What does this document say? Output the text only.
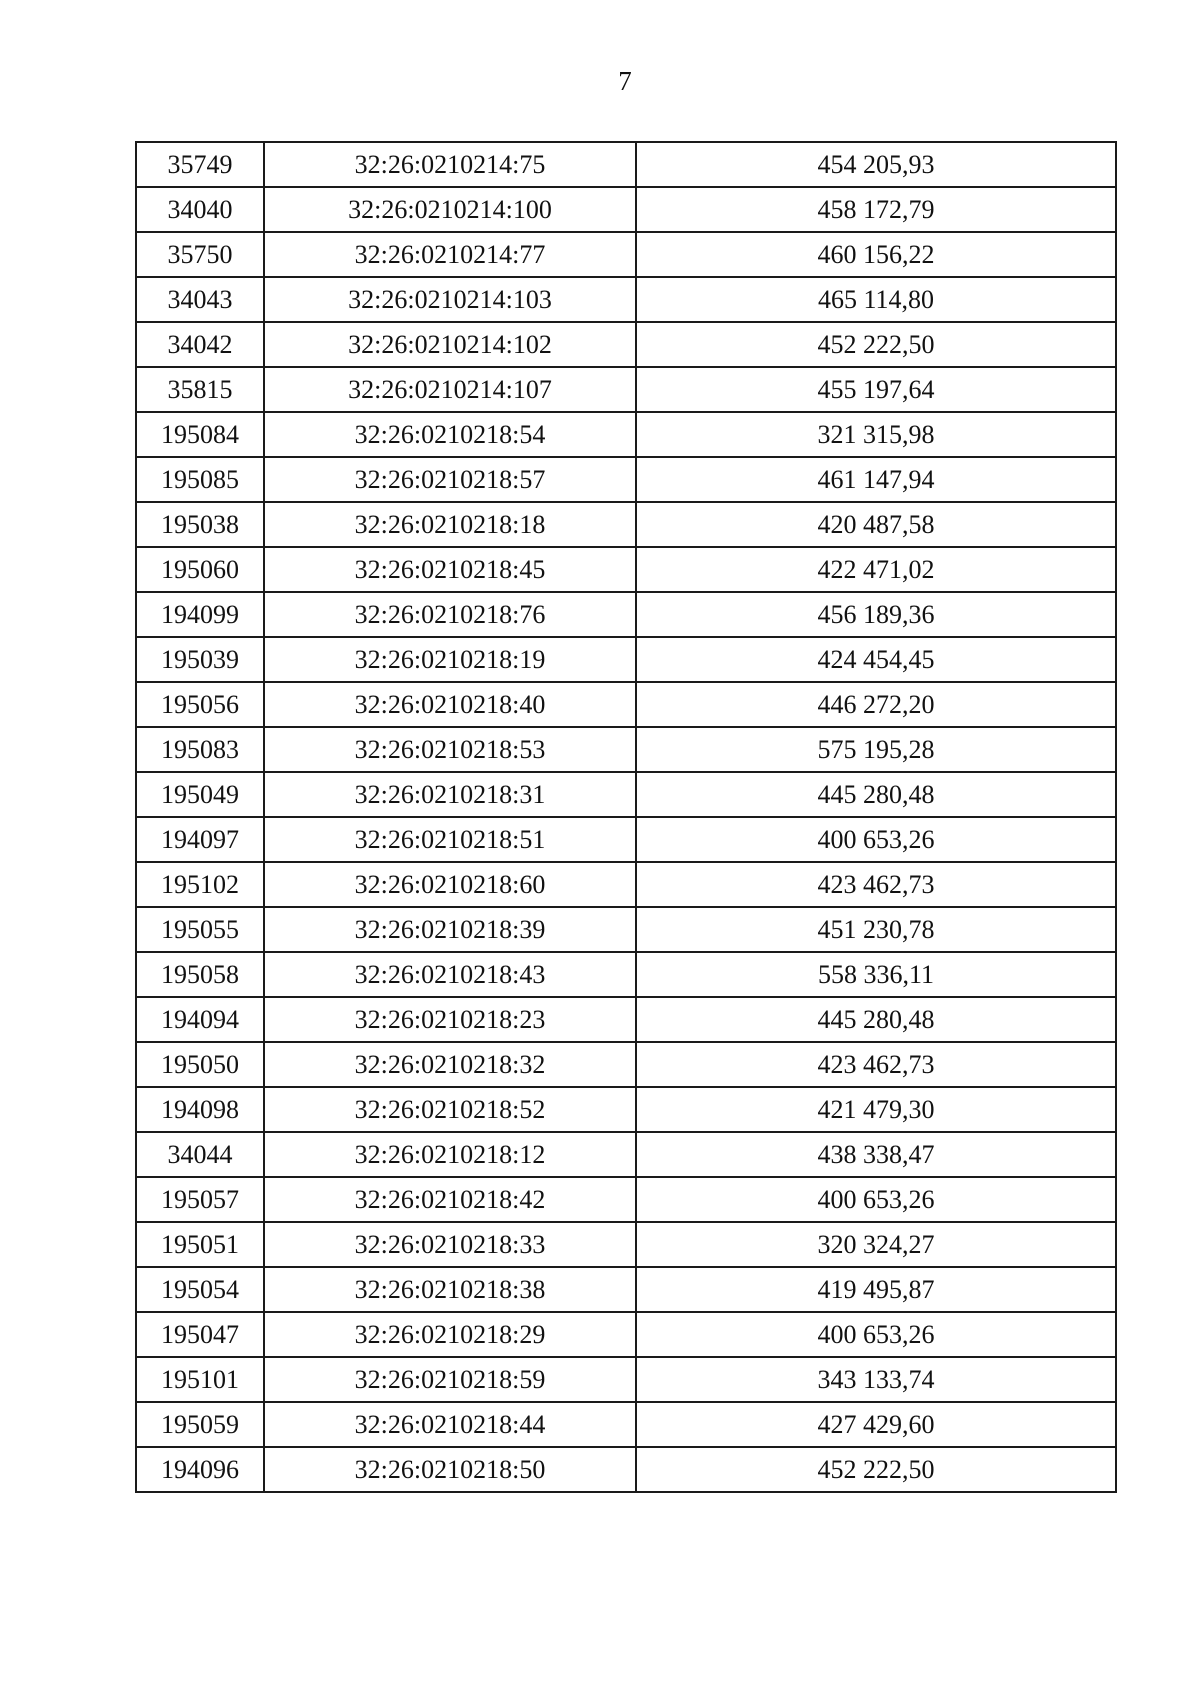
7
35749	32:26:0210214:75	454 205,93
34040	32:26:0210214:100	458 172,79
35750	32:26:0210214:77	460 156,22
34043	32:26:0210214:103	465 114,80
34042	32:26:0210214:102	452 222,50
35815	32:26:0210214:107	455 197,64
195084	32:26:0210218:54	321 315,98
195085	32:26:0210218:57	461 147,94
195038	32:26:0210218:18	420 487,58
195060	32:26:0210218:45	422 471,02
194099	32:26:0210218:76	456 189,36
195039	32:26:0210218:19	424 454,45
195056	32:26:0210218:40	446 272,20
195083	32:26:0210218:53	575 195,28
195049	32:26:0210218:31	445 280,48
194097	32:26:0210218:51	400 653,26
195102	32:26:0210218:60	423 462,73
195055	32:26:0210218:39	451 230,78
195058	32:26:0210218:43	558 336,11
194094	32:26:0210218:23	445 280,48
195050	32:26:0210218:32	423 462,73
194098	32:26:0210218:52	421 479,30
34044	32:26:0210218:12	438 338,47
195057	32:26:0210218:42	400 653,26
195051	32:26:0210218:33	320 324,27
195054	32:26:0210218:38	419 495,87
195047	32:26:0210218:29	400 653,26
195101	32:26:0210218:59	343 133,74
195059	32:26:0210218:44	427 429,60
194096	32:26:0210218:50	452 222,50
